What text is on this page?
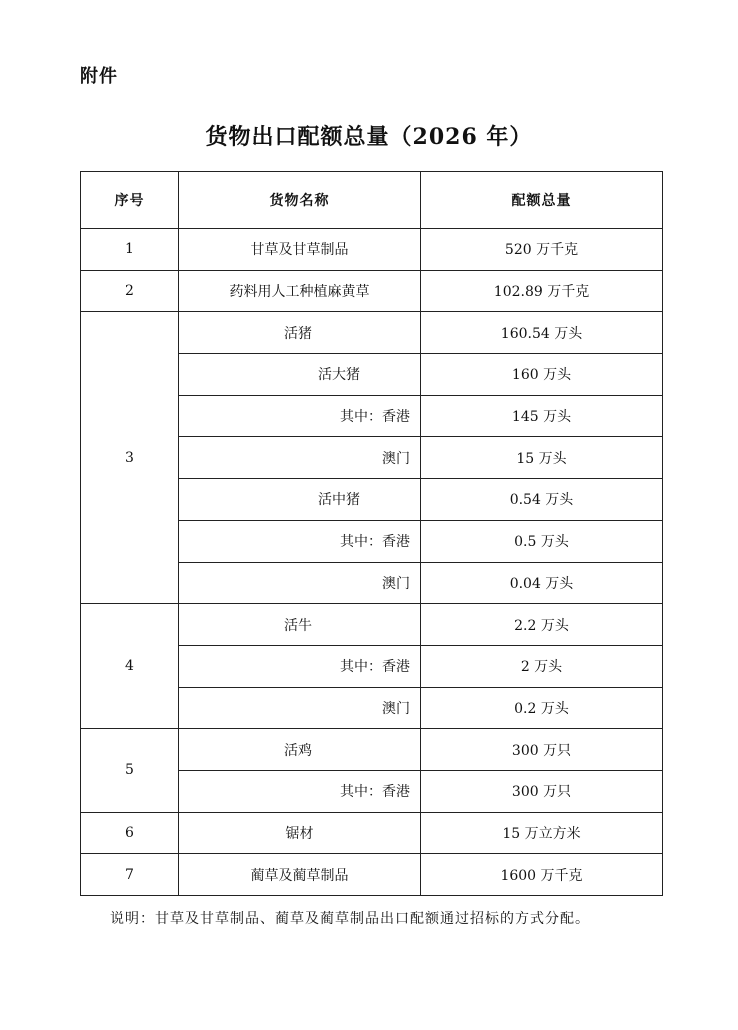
附件
货物出口配额总量（2026 年）
序号	货物名称	配额总量
1	甘草及甘草制品	520 万千克
2	药料用人工种植麻黄草	102.89 万千克
3	活猪	160.54 万头
	活大猪	160 万头
	其中：香港	145 万头
	澳门	15 万头
	活中猪	0.54 万头
	其中：香港	0.5 万头
	澳门	0.04 万头
4	活牛	2.2 万头
	其中：香港	2 万头
	澳门	0.2 万头
5	活鸡	300 万只
	其中：香港	300 万只
6	锯材	15 万立方米
7	蔺草及蔺草制品	1600 万千克
说明：甘草及甘草制品、蔺草及蔺草制品出口配额通过招标的方式分配。
